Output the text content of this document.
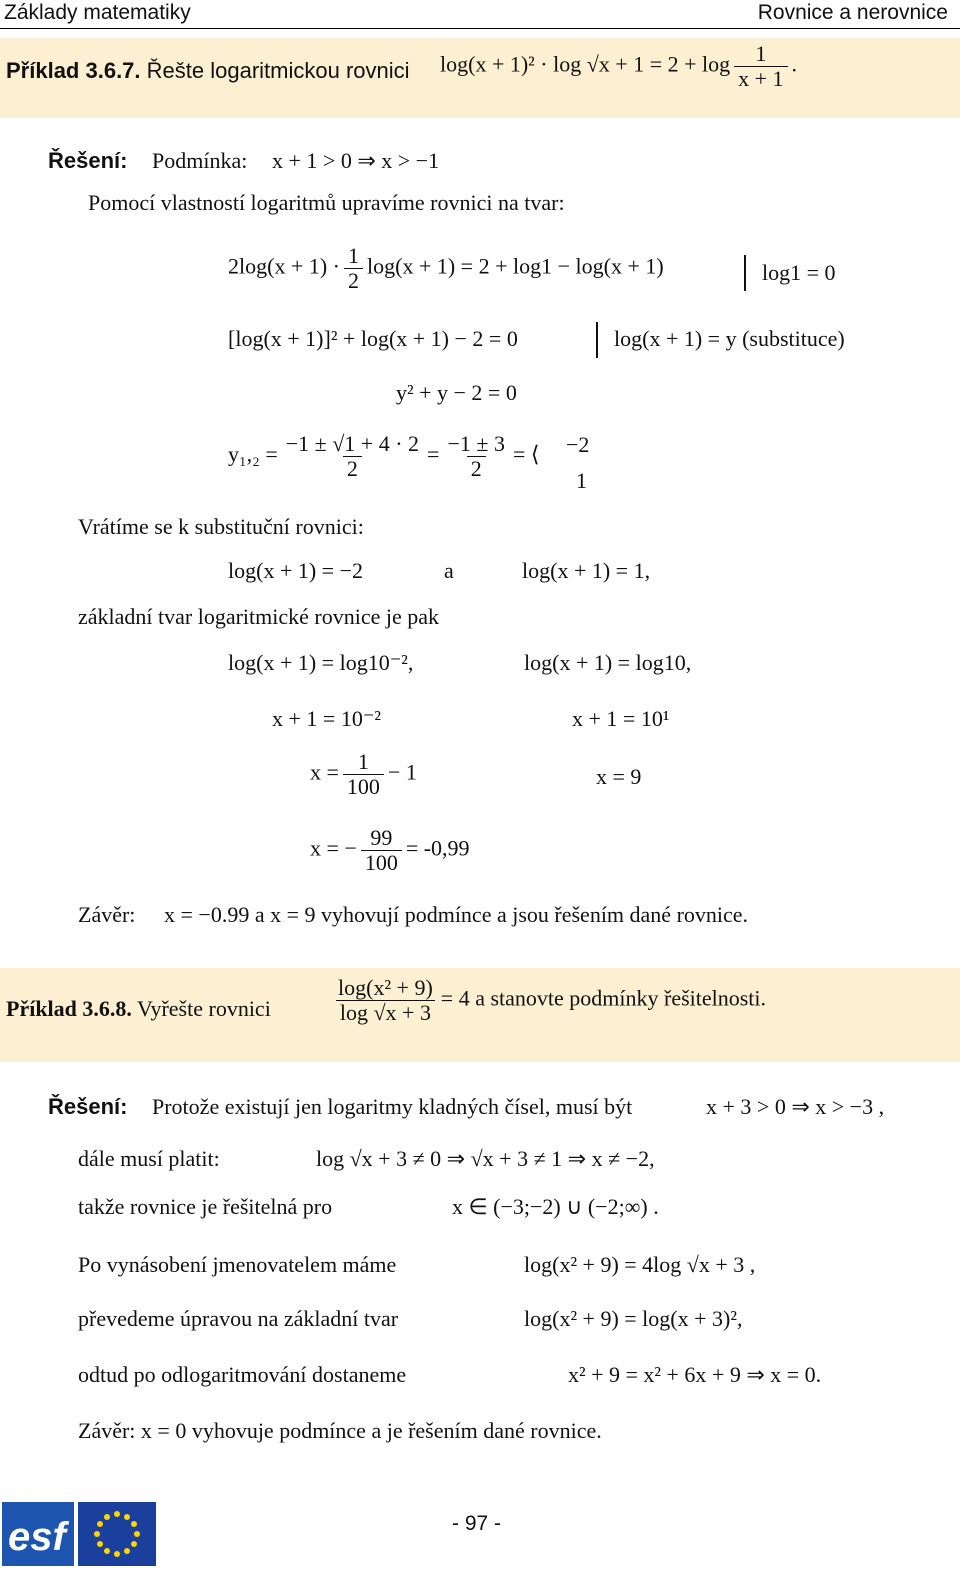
Základy matematiky	Rovnice a nerovnice
Příklad 3.6.7. Řešte logaritmickou rovnici $\log(x + 1)^2 \cdot \log √x + 1 = 2 + \log \frac{1}{x + 1}$ .
Řešení: Podmínka: x + 1 > 0 ⇒ x > −1
Pomocí vlastností logaritmů upravíme rovnici na tvar:
$2\log(x + 1) \cdot \frac{1}{2} \log(x + 1) = 2 + \log 1 - \log(x + 1)$	log1 = 0
[log(x + 1)]² + log(x + 1) − 2 = 0	log(x + 1) = y (substituce)
y² + y − 2 = 0
$y_1,_2 = \frac{-1 \pm √1 + 4 \cdot 2}{2} = \frac{-1 \pm 3}{2}$ = ⟨ −2
1
Vrátíme se k substituční rovnici:
log(x + 1) = −2	a	log(x + 1) = 1,
základní tvar logaritmické rovnice je pak
log(x + 1) = log10⁻²,	log(x + 1) = log10,
x + 1 = 10⁻²	x + 1 = 10¹
$x = \frac{1}{100} - 1$	x = 9
x = − $\frac{99}{100} = -0,99$
Závěr: x = −0.99 a x = 9 vyhovují podmínce a jsou řešením dané rovnice.
Příklad 3.6.8. Vyřešte rovnici	$\frac{\text{log(x² + 9)}}{\log √x + 3} = 4$ a stanovte podmínky řešitelnosti.
Řešení: Protože existují jen logaritmy kladných čísel, musí být	x + 3 > 0 ⇒ x > −3 ,
dále musí platit:	log √x + 3 ≠ 0 ⇒ √x + 3 ≠ 1 ⇒ x ≠ −2,
takže rovnice je řešitelná pro	x ∈ (−3;−2) ∪ (−2;∞) .
Po vynásobení jmenovatelem máme	log(x² + 9) = 4log √x + 3 ,
převedeme úpravou na základní tvar	log(x² + 9) = log(x + 3)²,
odtud po odlogaritmování dostaneme	x² + 9 = x² + 6x + 9 ⇒ x = 0.
Závěr: x = 0 vyhovuje podmínce a je řešením dané rovnice.
esf	- 97 -
